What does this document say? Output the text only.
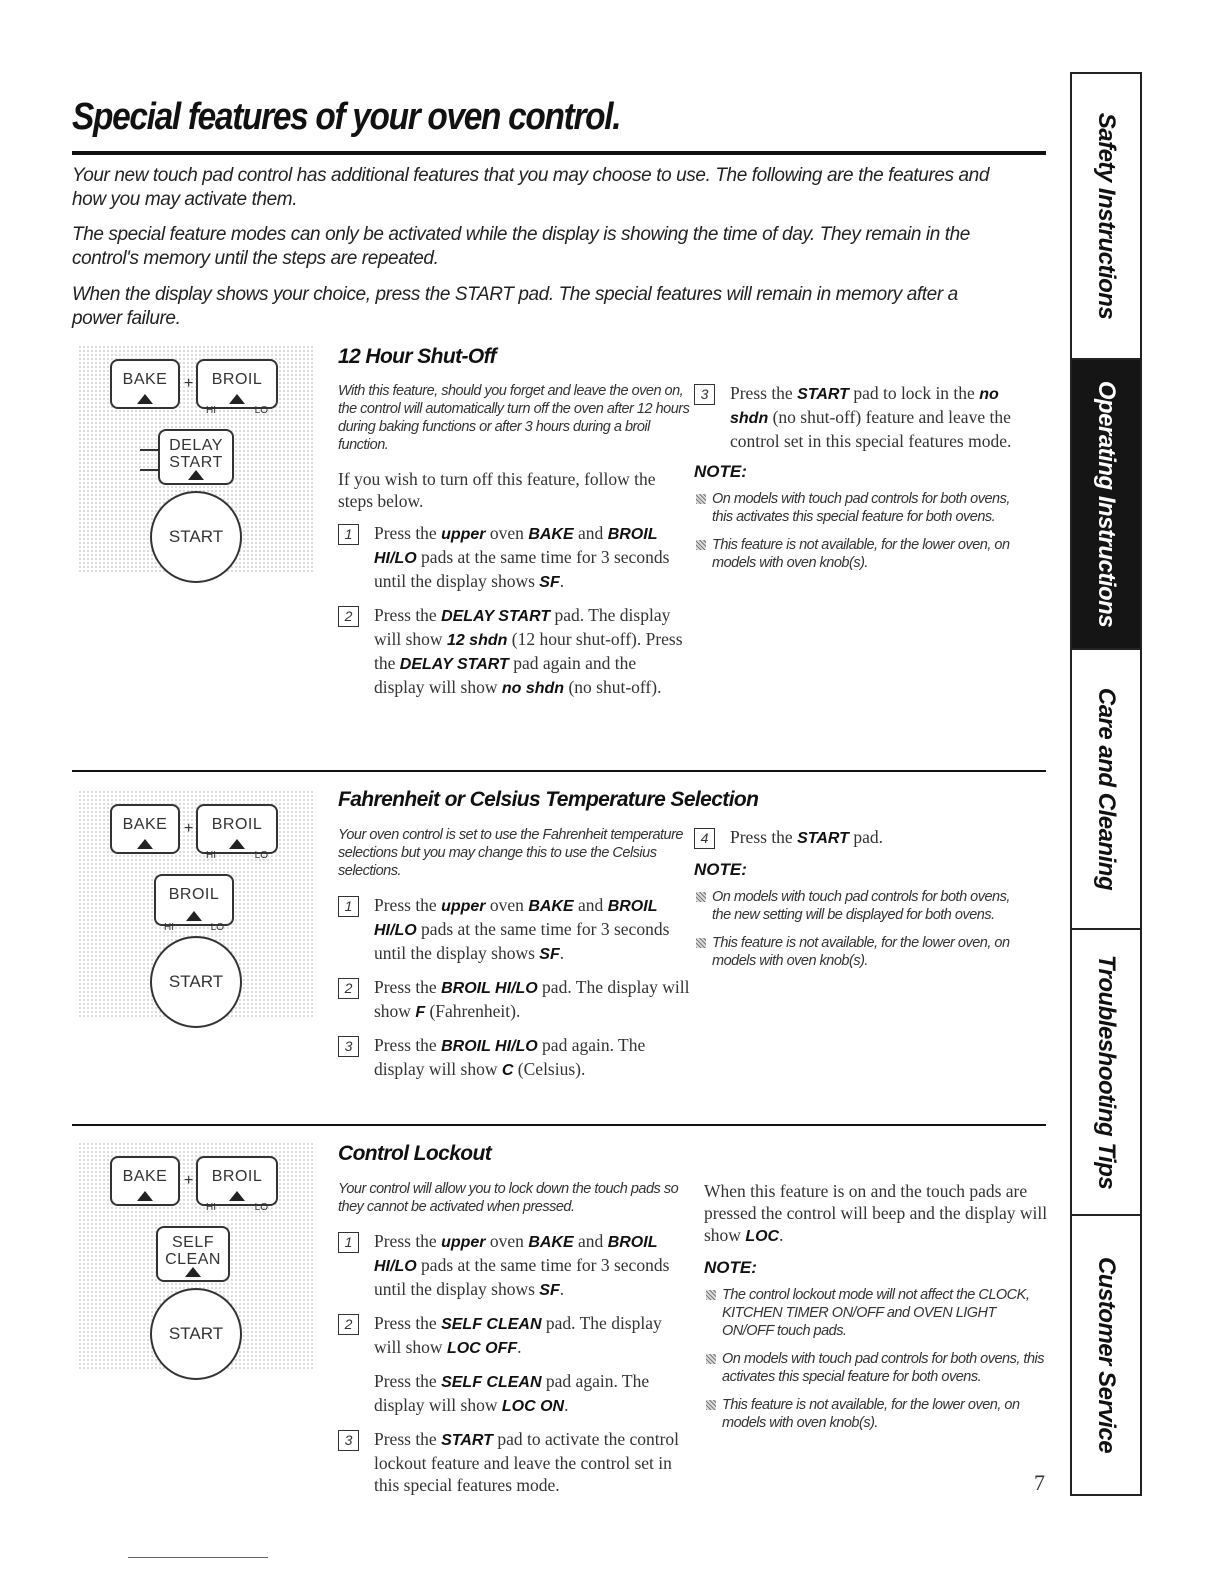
Special features of your oven control.

Your new touch pad control has additional features that you may choose to use. The following are the features and how you may activate them.

The special feature modes can only be activated while the display is showing the time of day. They remain in the control's memory until the steps are repeated.

When the display shows your choice, press the START pad. The special features will remain in memory after a power failure.

BAKE	+	BROIL
HI	LO
DELAY
START
START
12 Hour Shut-Off

With this feature, should you forget and leave the oven on, the control will automatically turn off the oven after 12 hours during baking functions or after 3 hours during a broil function.

If you wish to turn off this feature, follow the steps below.

1	Press the upper oven BAKE and BROIL HI/LO pads at the same time for 3 seconds until the display shows SF.
2	Press the DELAY START pad. The display will show 12 shdn (12 hour shut-off). Press the DELAY START pad again and the display will show no shdn (no shut-off).
3	Press the START pad to lock in the no shdn (no shut-off) feature and leave the control set in this special features mode.
NOTE:
On models with touch pad controls for both ovens, this activates this special feature for both ovens.
This feature is not available, for the lower oven, on models with oven knob(s).
BAKE	+	BROIL
HI	LO
BROIL
HI	LO
START
Fahrenheit or Celsius Temperature Selection

Your oven control is set to use the Fahrenheit temperature selections but you may change this to use the Celsius selections.

1	Press the upper oven BAKE and BROIL HI/LO pads at the same time for 3 seconds until the display shows SF.
2	Press the BROIL HI/LO pad. The display will show F (Fahrenheit).
3	Press the BROIL HI/LO pad again. The display will show C (Celsius).
4	Press the START pad.
NOTE:
On models with touch pad controls for both ovens, the new setting will be displayed for both ovens.
This feature is not available, for the lower oven, on models with oven knob(s).
BAKE	+	BROIL
HI	LO
SELF
CLEAN
START
Control Lockout

Your control will allow you to lock down the touch pads so they cannot be activated when pressed.

1	Press the upper oven BAKE and BROIL HI/LO pads at the same time for 3 seconds until the display shows SF.
2	Press the SELF CLEAN pad. The display will show LOC OFF.
Press the SELF CLEAN pad again. The display will show LOC ON.
3	Press the START pad to activate the control lockout feature and leave the control set in this special features mode.

When this feature is on and the touch pads are pressed the control will beep and the display will show LOC.

NOTE:
The control lockout mode will not affect the CLOCK, KITCHEN TIMER ON/OFF and OVEN LIGHT ON/OFF touch pads.
On models with touch pad controls for both ovens, this activates this special feature for both ovens.
This feature is not available, for the lower oven, on models with oven knob(s).
Safety Instructions
Operating Instructions
Care and Cleaning
Troubleshooting Tips
Customer Service
7
